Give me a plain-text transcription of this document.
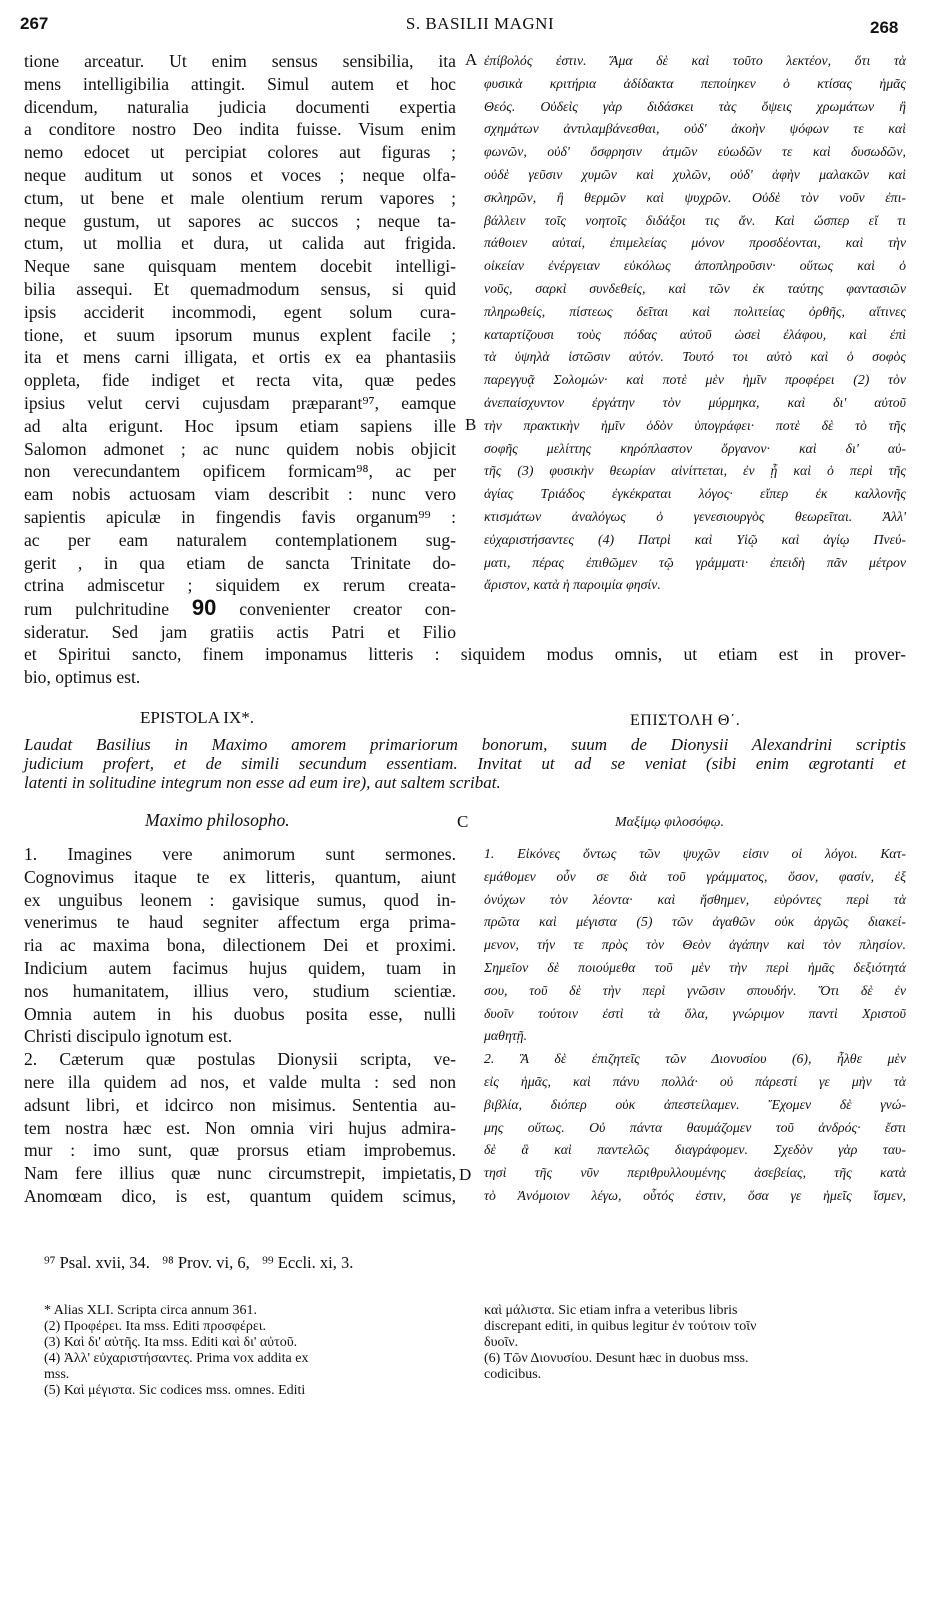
267	S. BASILII MAGNI	268
A
B
C
D
tione arceatur. Ut enim sensus sensibilia, ita
mens intelligibilia attingit. Simul autem et hoc
dicendum, naturalia judicia documenti expertia
a conditore nostro Deo indita fuisse. Visum enim
nemo edocet ut percipiat colores aut figuras ;
neque auditum ut sonos et voces ; neque olfa-
ctum, ut bene et male olentium rerum vapores ;
neque gustum, ut sapores ac succos ; neque ta-
ctum, ut mollia et dura, ut calida aut frigida.
Neque sane quisquam mentem docebit intelligi-
bilia assequi. Et quemadmodum sensus, si quid
ipsis acciderit incommodi, egent solum cura-
tione, et suum ipsorum munus explent facile ;
ita et mens carni illigata, et ortis ex ea phantasiis
oppleta, fide indiget et recta vita, quæ pedes
ipsius velut cervi cujusdam præparant⁹⁷, eamque
ad alta erigunt. Hoc ipsum etiam sapiens ille
Salomon admonet ; ac nunc quidem nobis objicit
non verecundantem opificem formicam⁹⁸, ac per
eam nobis actuosam viam describit : nunc vero
sapientis apiculæ in fingendis favis organum⁹⁹ :
ac per eam naturalem contemplationem sug-
gerit , in qua etiam de sancta Trinitate do-
ctrina admiscetur ; siquidem ex rerum creata-
rum pulchritudine 90 convenienter creator con-
sideratur. Sed jam gratiis actis Patri et Filio
ἐπίβολός ἐστιν. Ἅμα δὲ καὶ τοῦτο λεκτέον, ὅτι τὰ
φυσικὰ κριτήρια ἀδίδακτα πεποίηκεν ὁ κτίσας ἡμᾶς
Θεός. Οὐδεὶς γὰρ διδάσκει τὰς ὄψεις χρωμάτων ἢ
σχημάτων ἀντιλαμβάνεσθαι, οὐδ' ἀκοὴν ψόφων τε καὶ
φωνῶν, οὐδ' ὄσφρησιν ἀτμῶν εὐωδῶν τε καὶ δυσωδῶν,
οὐδὲ γεῦσιν χυμῶν καὶ χυλῶν, οὐδ' ἁφὴν μαλακῶν καὶ
σκληρῶν, ἢ θερμῶν καὶ ψυχρῶν. Οὐδὲ τὸν νοῦν ἐπι-
βάλλειν τοῖς νοητοῖς διδάξοι τις ἄν. Καὶ ὥσπερ εἴ τι
πάθοιεν αὐταί, ἐπιμελείας μόνον προσδέονται, καὶ τὴν
οἰκείαν ἐνέργειαν εὐκόλως ἀποπληροῦσιν· οὕτως καὶ ὁ
νοῦς, σαρκὶ συνδεθείς, καὶ τῶν ἐκ ταύτης φαντασιῶν
πληρωθείς, πίστεως δεῖται καὶ πολιτείας ὀρθῆς, αἵτινες
καταρτίζουσι τοὺς πόδας αὐτοῦ ὡσεὶ ἐλάφου, καὶ ἐπὶ
τὰ ὑψηλὰ ἱστῶσιν αὐτόν. Τουτό τοι αὐτὸ καὶ ὁ σοφὸς
παρεγγυᾷ Σολομών· καὶ ποτὲ μὲν ἡμῖν προφέρει (2) τὸν
ἀνεπαίσχυντον ἐργάτην τὸν μύρμηκα, καὶ δι' αὐτοῦ
τὴν πρακτικὴν ἡμῖν ὁδὸν ὑπογράφει· ποτὲ δὲ τὸ τῆς
σοφῆς μελίττης κηρόπλαστον ὄργανον· καὶ δι' αὐ-
τῆς (3) φυσικὴν θεωρίαν αἰνίττεται, ἐν ᾗ καὶ ὁ περὶ τῆς
ἁγίας Τριάδος ἐγκέκραται λόγος· εἴπερ ἐκ καλλονῆς
κτισμάτων ἀναλόγως ὁ γενεσιουργὸς θεωρεῖται. Ἀλλ'
εὐχαριστήσαντες (4) Πατρὶ καὶ Υἱῷ καὶ ἁγίῳ Πνεύ-
ματι, πέρας ἐπιθῶμεν τῷ γράμματι· ἐπειδὴ πᾶν μέτρον
ἄριστον, κατὰ ἡ παροιμία φησίν.
et Spiritui sancto, finem imponamus litteris : siquidem modus omnis, ut etiam est in prover-
bio, optimus est.
EPISTOLA IX*.	ΕΠΙΣΤΟΛΗ Θ΄.
Laudat Basilius in Maximo amorem primariorum bonorum, suum de Dionysii Alexandrini scriptis
judicium profert, et de simili secundum essentiam. Invitat ut ad se veniat (sibi enim ægrotanti et
latenti in solitudine integrum non esse ad eum ire), aut saltem scribat.
Maximo philosopho.	Μαξίμῳ φιλοσόφῳ.
1. Imagines vere animorum sunt sermones.
Cognovimus itaque te ex litteris, quantum, aiunt
ex unguibus leonem : gavisique sumus, quod in-
venerimus te haud segniter affectum erga prima-
ria ac maxima bona, dilectionem Dei et proximi.
Indicium autem facimus hujus quidem, tuam in
nos humanitatem, illius vero, studium scientiæ.
Omnia autem in his duobus posita esse, nulli
Christi discipulo ignotum est.
2. Cæterum quæ postulas Dionysii scripta, ve-
nere illa quidem ad nos, et valde multa : sed non
adsunt libri, et idcirco non misimus. Sententia au-
tem nostra hæc est. Non omnia viri hujus admira-
mur : imo sunt, quæ prorsus etiam improbemus.
Nam fere illius quæ nunc circumstrepit, impietatis,
Anomœam dico, is est, quantum quidem scimus,
1. Εἰκόνες ὄντως τῶν ψυχῶν εἰσιν οἱ λόγοι. Κατ-
εμάθομεν οὖν σε διὰ τοῦ γράμματος, ὅσον, φασίν, ἐξ
ὀνύχων τὸν λέοντα· καὶ ἥσθημεν, εὑρόντες περὶ τὰ
πρῶτα καὶ μέγιστα (5) τῶν ἀγαθῶν οὐκ ἀργῶς διακεί-
μενον, τήν τε πρὸς τὸν Θεὸν ἀγάπην καὶ τὸν πλησίον.
Σημεῖον δὲ ποιούμεθα τοῦ μὲν τὴν περὶ ἡμᾶς δεξιότητά
σου, τοῦ δὲ τὴν περὶ γνῶσιν σπουδήν. Ὅτι δὲ ἐν
δυοῖν τούτοιν ἐστὶ τὰ ὅλα, γνώριμον παντὶ Χριστοῦ
μαθητῇ.
2. Ἃ δὲ ἐπιζητεῖς τῶν Διονυσίου (6), ἦλθε μὲν
εἰς ἡμᾶς, καὶ πάνυ πολλά· οὐ πάρεστί γε μὴν τὰ
βιβλία, διόπερ οὐκ ἀπεστείλαμεν. Ἔχομεν δὲ γνώ-
μης οὕτως. Οὐ πάντα θαυμάζομεν τοῦ ἀνδρός· ἔστι
δὲ ἃ καὶ παντελῶς διαγράφομεν. Σχεδὸν γὰρ ταυ-
τησὶ τῆς νῦν περιθρυλλουμένης ἀσεβείας, τῆς κατὰ
τὸ Ἀνόμοιον λέγω, οὗτός ἐστιν, ὅσα γε ἡμεῖς ἴσμεν,
⁹⁷ Psal. xvii, 34.   ⁹⁸ Prov. vi, 6,   ⁹⁹ Eccli. xi, 3.

* Alias XLI. Scripta circa annum 361.

(2) Προφέρει. Ita mss. Editi προσφέρει.

(3) Καὶ δι' αὐτῆς. Ita mss. Editi καὶ δι' αὐτοῦ.

(4) Ἀλλ' εὐχαριστήσαντες. Prima vox addita ex

mss.

(5) Καὶ μέγιστα. Sic codices mss. omnes. Editi

καὶ μάλιστα. Sic etiam infra a veteribus libris

discrepant editi, in quibus legitur ἐν τούτοιν τοῖν

δυοῖν.

(6) Τῶν Διονυσίου. Desunt hæc in duobus mss.

codicibus.
